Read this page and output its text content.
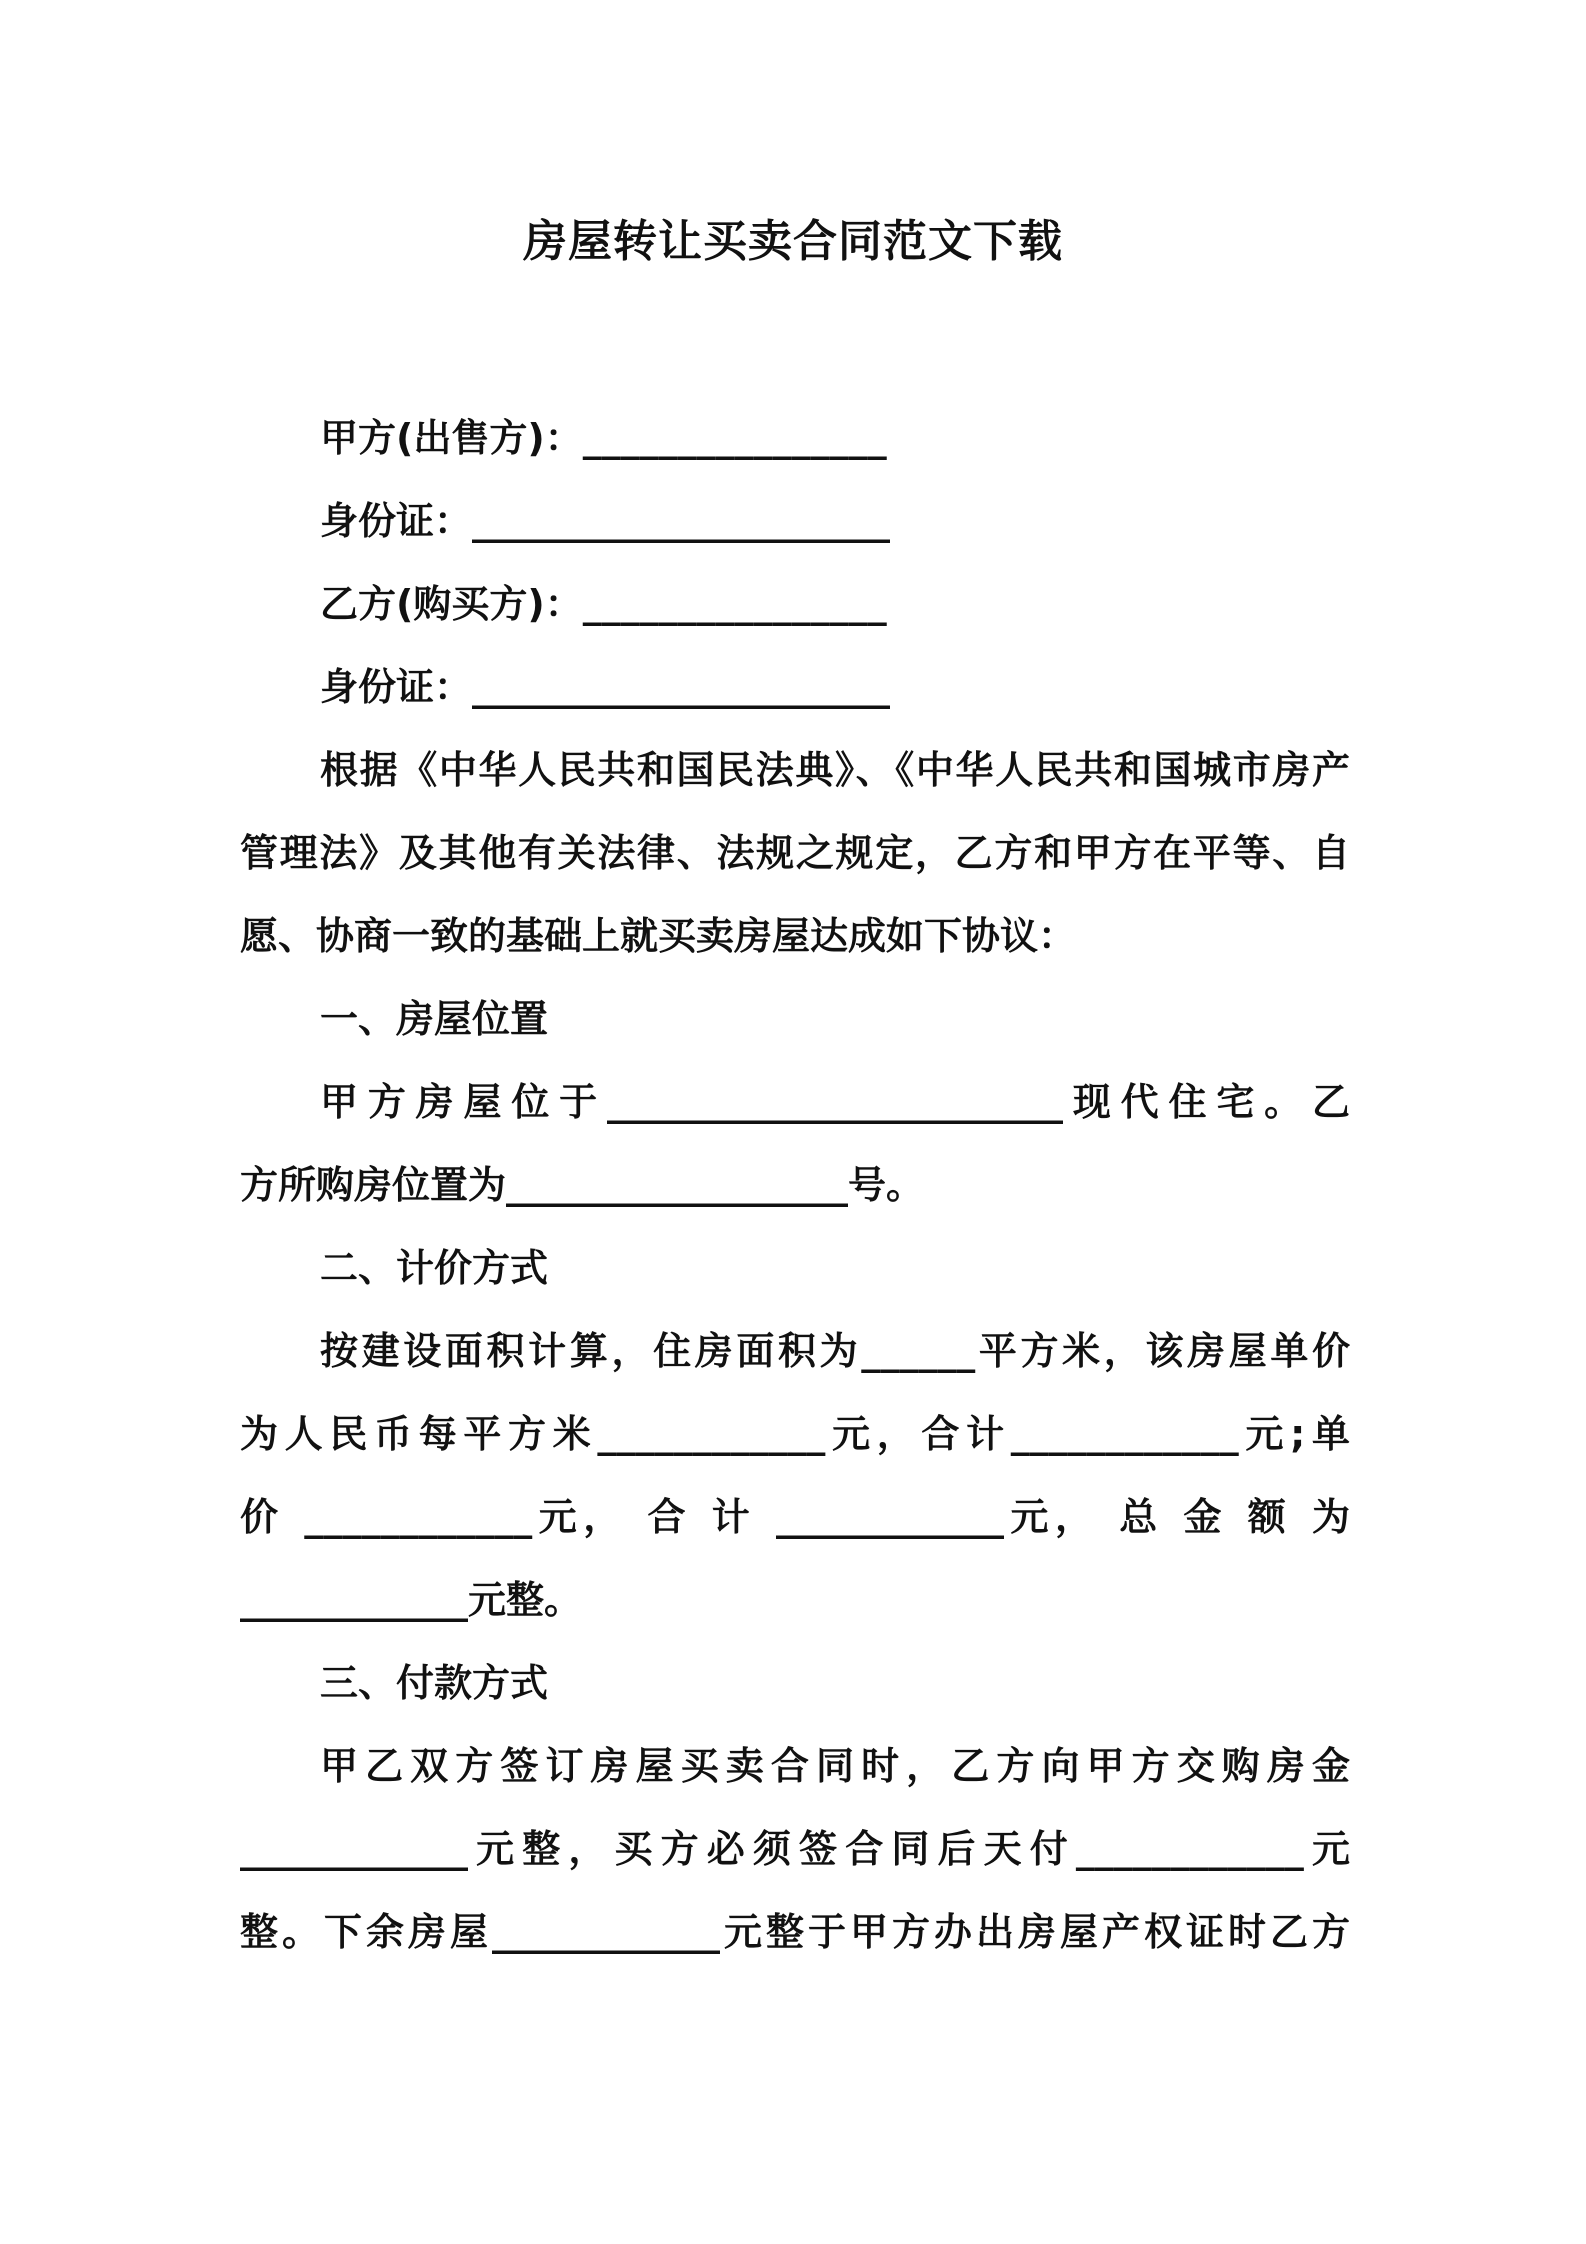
房屋转让买卖合同范文下载
甲方(出售方)：________________
身份证：______________________
乙方(购买方)：________________
身份证：______________________
根据《中华人民共和国民法典》、《中华人民共和国城市房产
管理法》及其他有关法律、法规之规定，乙方和甲方在平等、自
愿、协商一致的基础上就买卖房屋达成如下协议：
一、房屋位置
甲方房屋位于________________________现代住宅。乙
方所购房位置为__________________号。
二、计价方式
按建设面积计算，住房面积为______平方米，该房屋单价
为人民币每平方米____________元，合计____________元;单
价 ____________元， 合 计 ____________元， 总 金 额 为
____________元整。
三、付款方式
甲乙双方签订房屋买卖合同时，乙方向甲方交购房金
____________元整，买方必须签合同后天付____________元
整。下余房屋____________元整于甲方办出房屋产权证时乙方
